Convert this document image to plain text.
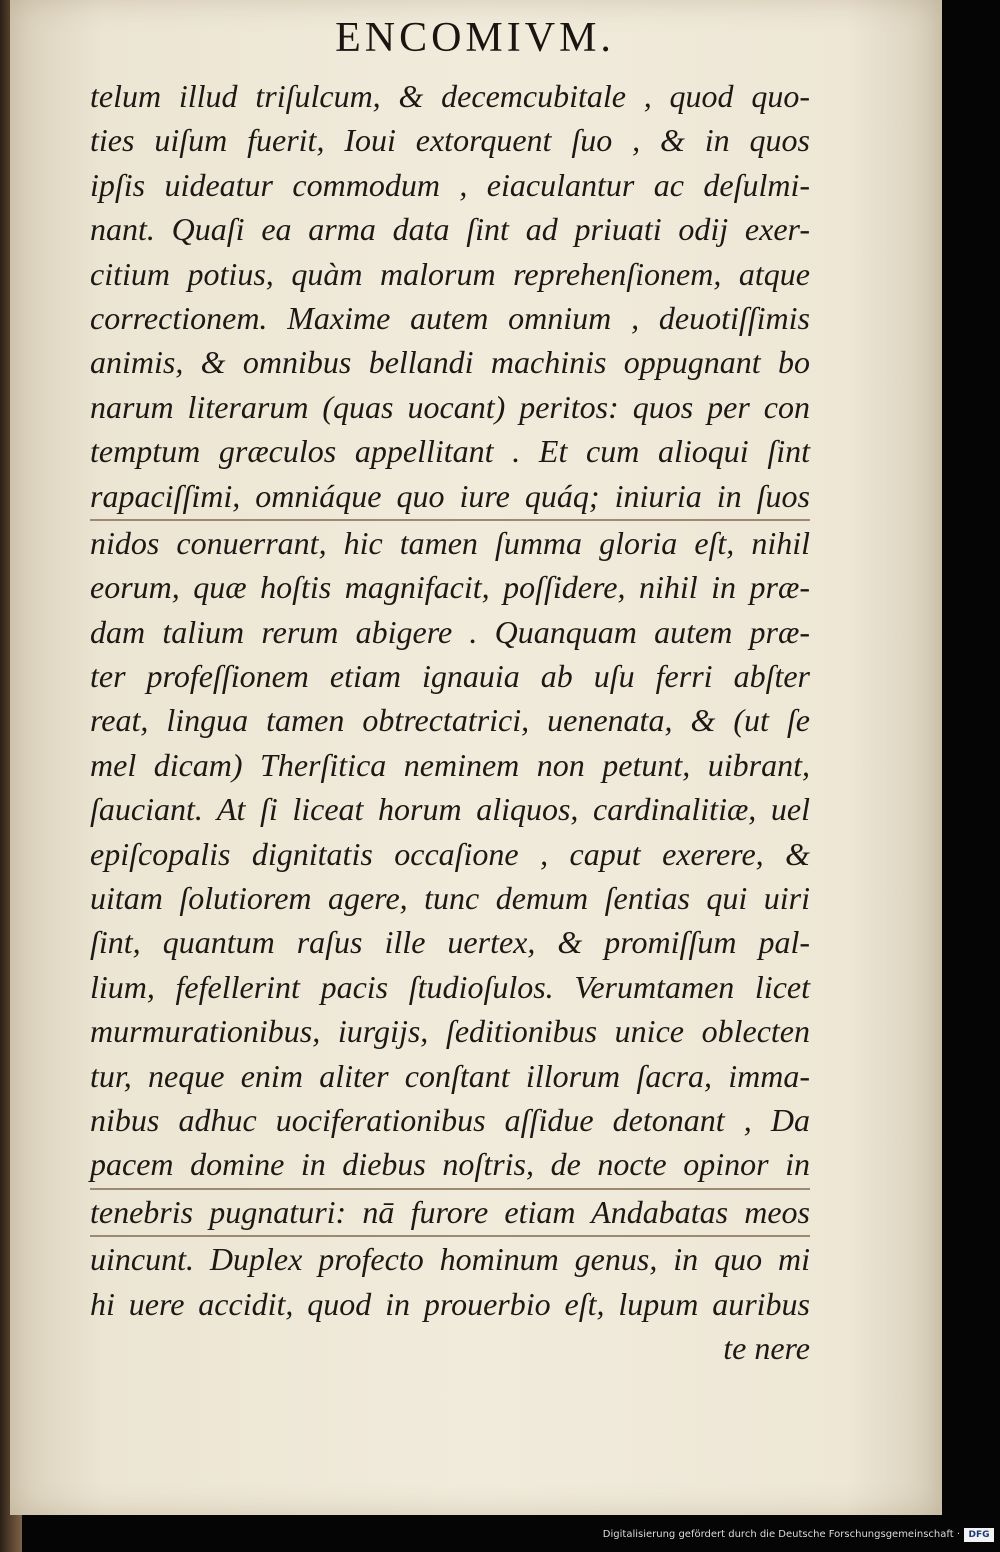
ENCOMIVM.
telum illud triſulcum, & decemcubitale , quod quo-
ties uiſum fuerit, Ioui extorquent ſuo , & in quos
ipſis uideatur commodum , eiaculantur ac deſulmi-
nant. Quaſi ea arma data ſint ad priuati odij exer-
citium potius, quàm malorum reprehenſionem, atque
correctionem. Maxime autem omnium , deuotiſſimis
animis, & omnibus bellandi machinis oppugnant bo
narum literarum (quas uocant) peritos: quos per con
temptum græculos appellitant . Et cum alioqui ſint
rapaciſſimi, omniáque quo iure quáq; iniuria in ſuos
nidos conuerrant, hic tamen ſumma gloria eſt, nihil
eorum, quæ hoſtis magnifacit, poſſidere, nihil in præ-
dam talium rerum abigere . Quanquam autem præ-
ter profeſſionem etiam ignauia ab uſu ferri abſter
reat, lingua tamen obtrectatrici, uenenata, & (ut ſe
mel dicam) Therſitica neminem non petunt, uibrant,
ſauciant. At ſi liceat horum aliquos, cardinalitiæ, uel
epiſcopalis dignitatis occaſione , caput exerere, &
uitam ſolutiorem agere, tunc demum ſentias qui uiri
ſint, quantum raſus ille uertex, & promiſſum pal-
lium, fefellerint pacis ſtudioſulos. Verumtamen licet
murmurationibus, iurgijs, ſeditionibus unice oblecten
tur, neque enim aliter conſtant illorum ſacra, imma-
nibus adhuc uociferationibus aſſidue detonant , Da
pacem domine in diebus noſtris, de nocte opinor in
tenebris pugnaturi: nā furore etiam Andabatas meos
uincunt. Duplex profecto hominum genus, in quo mi
hi uere accidit, quod in prouerbio eſt, lupum auribus
te nere
Digitalisierung gefördert durch die Deutsche Forschungsgemeinschaft · DFG
